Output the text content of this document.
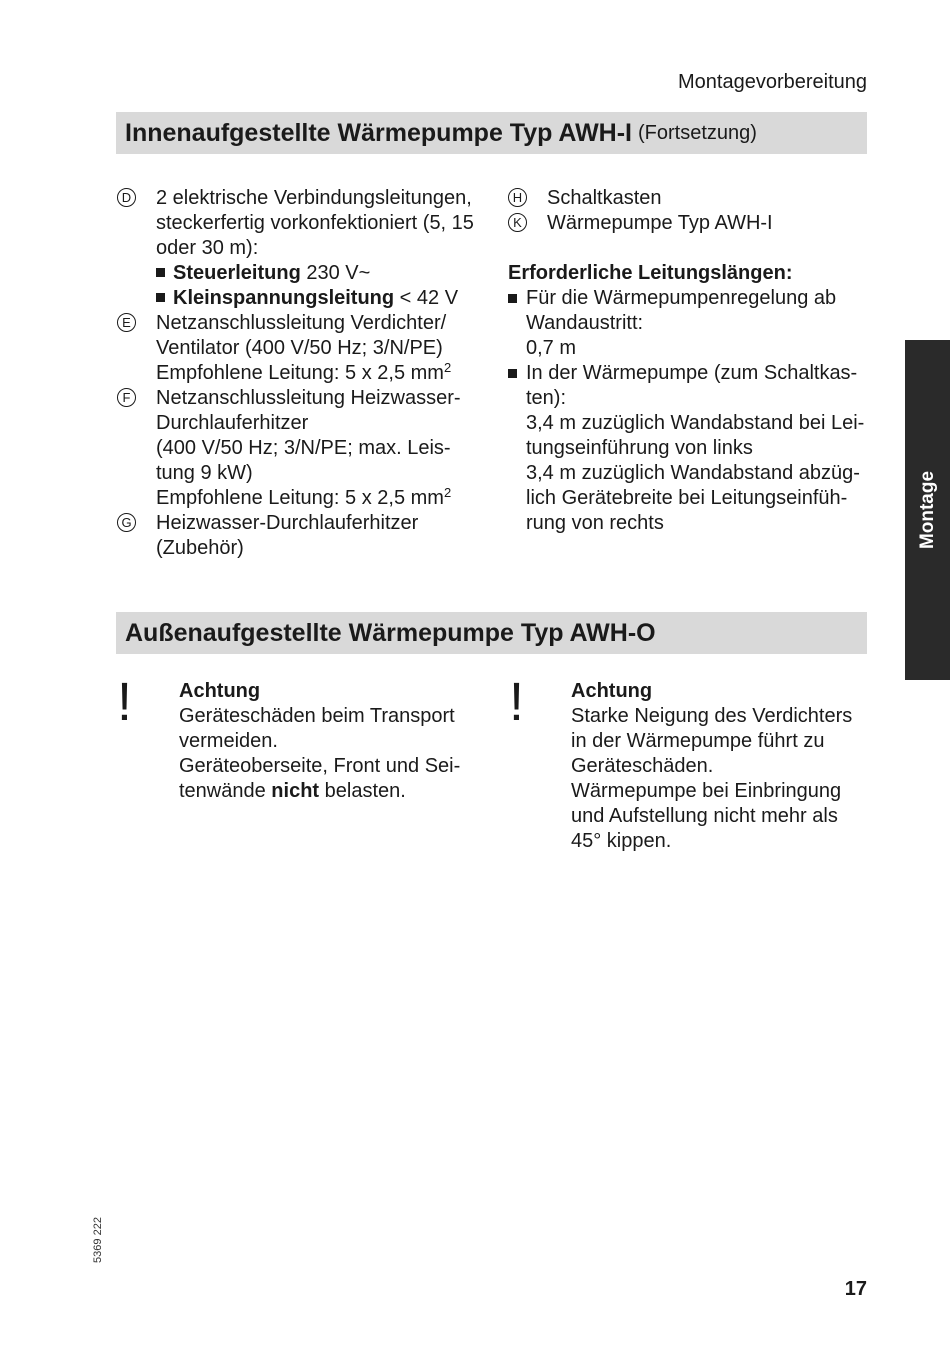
Montagevorbereitung
Innenaufgestellte Wärmepumpe Typ AWH-I (Fortsetzung)
D 2 elektrische Verbindungsleitungen,
steckerfertig vorkonfektioniert (5, 15
oder 30 m):
Steuerleitung 230 V~
Kleinspannungsleitung < 42 V
E Netzanschlussleitung Verdichter/
Ventilator (400 V/50 Hz; 3/N/PE)
Empfohlene Leitung: 5 x 2,5 $mm^2$
F Netzanschlussleitung Heizwasser-
Durchlauferhitzer
(400 V/50 Hz; 3/N/PE; max. Leis-
tung 9 kW)
Empfohlene Leitung: 5 x 2,5 $mm^2$
G Heizwasser-Durchlauferhitzer
(Zubehör)
H Schaltkasten
K Wärmepumpe Typ AWH-I
Erforderliche Leitungslängen:
Für die Wärmepumpenregelung ab
Wandaustritt:
0,7 m
In der Wärmepumpe (zum Schaltkas-
ten):
3,4 m zuzüglich Wandabstand bei Lei-
tungseinführung von links
3,4 m zuzüglich Wandabstand abzüg-
lich Gerätebreite bei Leitungseinfüh-
rung von rechts
Außenaufgestellte Wärmepumpe Typ AWH-O
! Achtung
Geräteschäden beim Transport
vermeiden.
Geräteoberseite, Front und Sei-
tenwände nicht belasten.
! Achtung
Starke Neigung des Verdichters
in der Wärmepumpe führt zu
Geräteschäden.
Wärmepumpe bei Einbringung
und Aufstellung nicht mehr als
45° kippen.
Montage
5369 222
17
